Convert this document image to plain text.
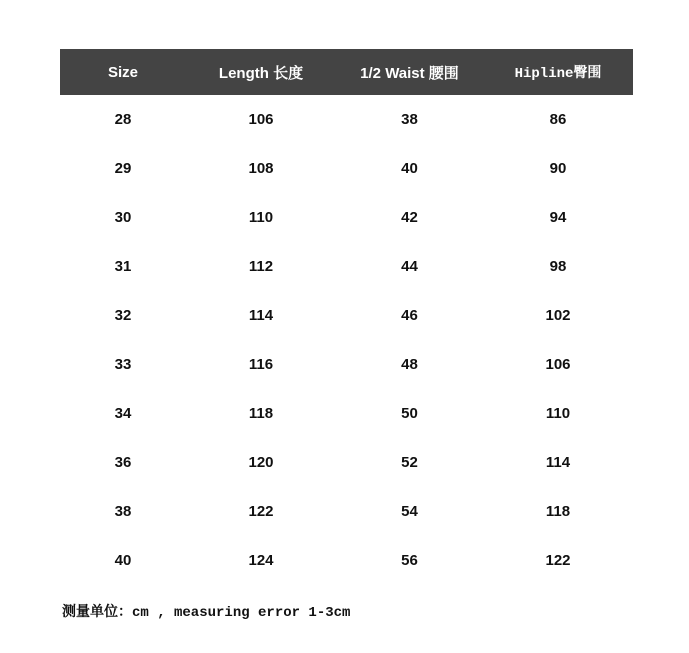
Size	Length 长度	1/2 Waist 腰围	Hipline臀围
28	106	38	86
29	108	40	90
30	110	42	94
31	112	44	98
32	114	46	102
33	116	48	106
34	118	50	110
36	120	52	114
38	122	54	118
40	124	56	122
测量单位：cm , measuring error 1-3cm
